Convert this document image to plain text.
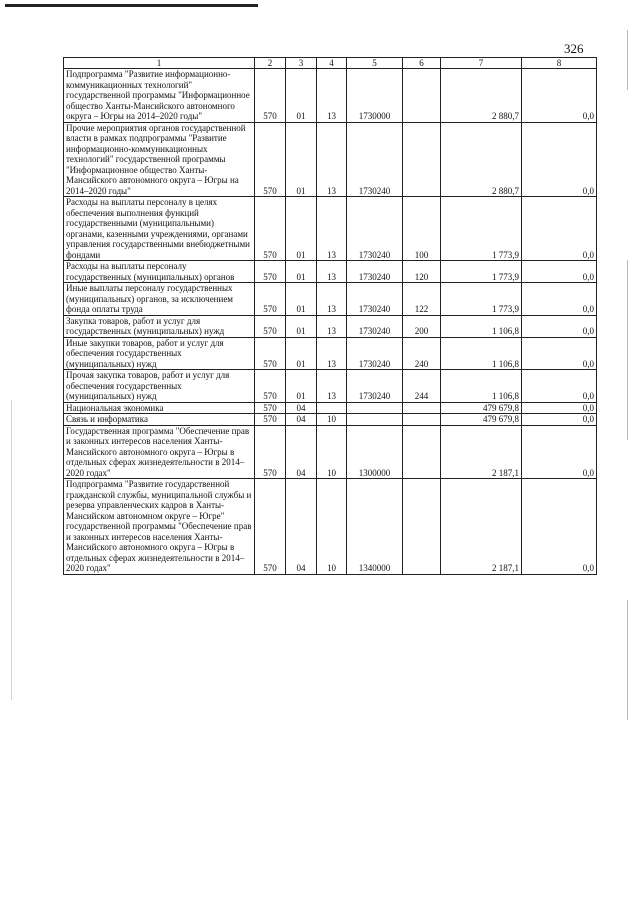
326
1	2	3	4	5	6	7	8
Подпрограмма "Развитие информационно-коммуникационных технологий" государственной программы "Информационное общество Ханты-Мансийского автономного округа – Югры на 2014–2020 годы"	570	01	13	1730000		2 880,7	0,0
Прочие мероприятия органов государственной власти в рамках подпрограммы "Развитие информационно-коммуникационных технологий" государственной программы "Информационное общество Ханты-Мансийского автономного округа – Югры на 2014–2020 годы"	570	01	13	1730240		2 880,7	0,0
Расходы на выплаты персоналу в целях обеспечения выполнения функций государственными (муниципальными) органами, казенными учреждениями, органами управления государственными внебюджетными фондами	570	01	13	1730240	100	1 773,9	0,0
Расходы на выплаты персоналу государственных (муниципальных) органов	570	01	13	1730240	120	1 773,9	0,0
Иные выплаты персоналу государственных (муниципальных) органов, за исключением фонда оплаты труда	570	01	13	1730240	122	1 773,9	0,0
Закупка товаров, работ и услуг для государственных (муниципальных) нужд	570	01	13	1730240	200	1 106,8	0,0
Иные закупки товаров, работ и услуг для обеспечения государственных (муниципальных) нужд	570	01	13	1730240	240	1 106,8	0,0
Прочая закупка товаров, работ и услуг для обеспечения государственных (муниципальных) нужд	570	01	13	1730240	244	1 106,8	0,0
Национальная экономика	570	04				479 679,8	0,0
Связь и информатика	570	04	10			479 679,8	0,0
Государственная программа "Обеспечение прав и законных интересов населения Ханты-Мансийского автономного округа – Югры в отдельных сферах жизнедеятельности в 2014–2020 годах"	570	04	10	1300000		2 187,1	0,0
Подпрограмма "Развитие государственной гражданской службы, муниципальной службы и резерва управленческих кадров в Ханты-Мансийском автономном округе – Югре" государственной программы "Обеспечение прав и законных интересов населения Ханты-Мансийского автономного округа – Югры в отдельных сферах жизнедеятельности в 2014–2020 годах"	570	04	10	1340000		2 187,1	0,0
